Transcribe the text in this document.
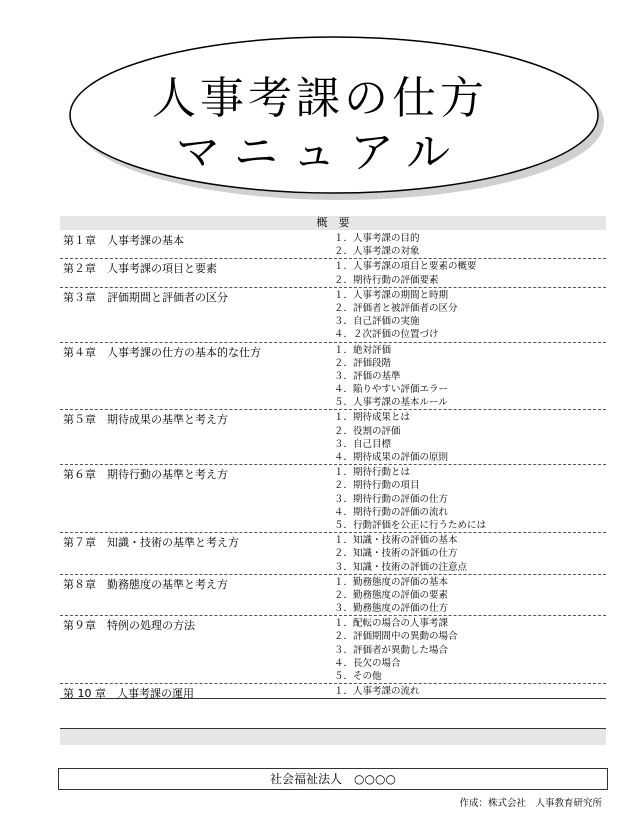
人事考課の仕方
マニュアル
概　要
第１章　人事考課の基本	１．人事考課の目的
２．人事考課の対象
第２章　人事考課の項目と要素	１．人事考課の項目と要素の概要
２．期待行動の評価要素
第３章　評価期間と評価者の区分	１．人事考課の期間と時期
２．評価者と被評価者の区分
３．自己評価の実施
４．２次評価の位置づけ
第４章　人事考課の仕方の基本的な仕方	１．絶対評価
２．評価段階
３．評価の基準
４．陥りやすい評価エラー
５．人事考課の基本ルール
第５章　期待成果の基準と考え方	１．期待成果とは
２．役割の評価
３．自己目標
４．期待成果の評価の原則
第６章　期待行動の基準と考え方	１．期待行動とは
２．期待行動の項目
３．期待行動の評価の仕方
４．期待行動の評価の流れ
５．行動評価を公正に行うためには
第７章　知識・技術の基準と考え方	１．知識・技術の評価の基本
２．知識・技術の評価の仕方
３．知識・技術の評価の注意点
第８章　勤務態度の基準と考え方	１．勤務態度の評価の基本
２．勤務態度の評価の要素
３．勤務態度の評価の仕方
第９章　特例の処理の方法	１．配転の場合の人事考課
２．評価期間中の異動の場合
３．評価者が異動した場合
４．長欠の場合
５．その他
第 10 章　人事考課の運用	１．人事考課の流れ
社会福祉法人　○○○○
作成：株式会社　人事教育研究所
